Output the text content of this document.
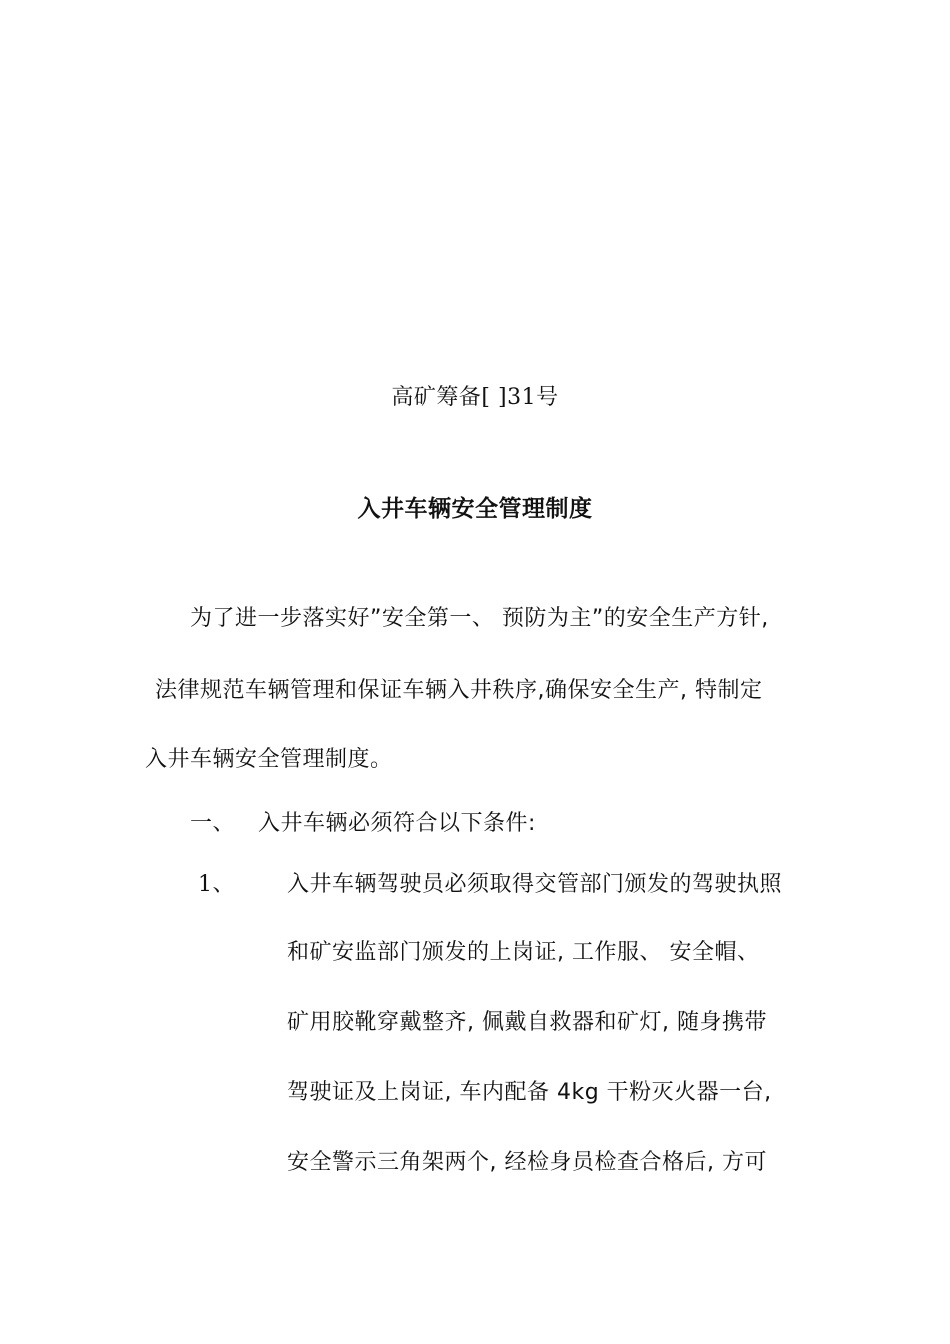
高矿筹备[ ]31号
入井车辆安全管理制度
为了进一步落实好”安全第一、 预防为主”的安全生产方针,
法律规范车辆管理和保证车辆入井秩序,确保安全生产, 特制定
入井车辆安全管理制度。
一、 入井车辆必须符合以下条件:
1、 入井车辆驾驶员必须取得交管部门颁发的驾驶执照
和矿安监部门颁发的上岗证, 工作服、 安全帽、
矿用胶靴穿戴整齐, 佩戴自救器和矿灯, 随身携带
驾驶证及上岗证, 车内配备 4kg 干粉灭火器一台,
安全警示三角架两个, 经检身员检查合格后, 方可
